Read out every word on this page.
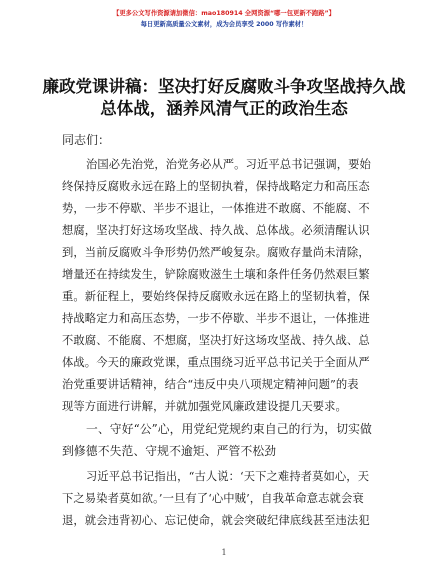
【更多公文写作资源请加微信：mao180914 全网资源“哪一包更新不跑路”】
每日更新高质量公文素材，成为会员享受 2000 写作素材！
廉政党课讲稿：坚决打好反腐败斗争攻坚战持久战总体战，涵养风清气正的政治生态
同志们：
治国必先治党，治党务必从严。习近平总书记强调，要始
终保持反腐败永远在路上的坚韧执着，保持战略定力和高压态
势，一步不停歇、半步不退让，一体推进不敢腐、不能腐、不
想腐，坚决打好这场攻坚战、持久战、总体战。必须清醒认识
到，当前反腐败斗争形势仍然严峻复杂。腐败存量尚未清除，
增量还在持续发生，铲除腐败滋生土壤和条件任务仍然艰巨繁
重。新征程上，要始终保持反腐败永远在路上的坚韧执着，保
持战略定力和高压态势，一步不停歇、半步不退让，一体推进
不敢腐、不能腐、不想腐，坚决打好这场攻坚战、持久战、总
体战。今天的廉政党课，重点围绕习近平总书记关于全面从严
治党重要讲话精神，结合“违反中央八项规定精神问题”的表
现等方面进行讲解，并就加强党风廉政建设提几天要求。
一、守好“公”心，用党纪党规约束自己的行为，切实做
到修德不失范、守规不逾矩、严管不松劲
习近平总书记指出，“古人说：‘天下之难持者莫如心，天
下之易染者莫如欲。’一旦有了‘心中贼’，自我革命意志就会衰
退，就会违背初心、忘记使命，就会突破纪律底线甚至违法犯
1
